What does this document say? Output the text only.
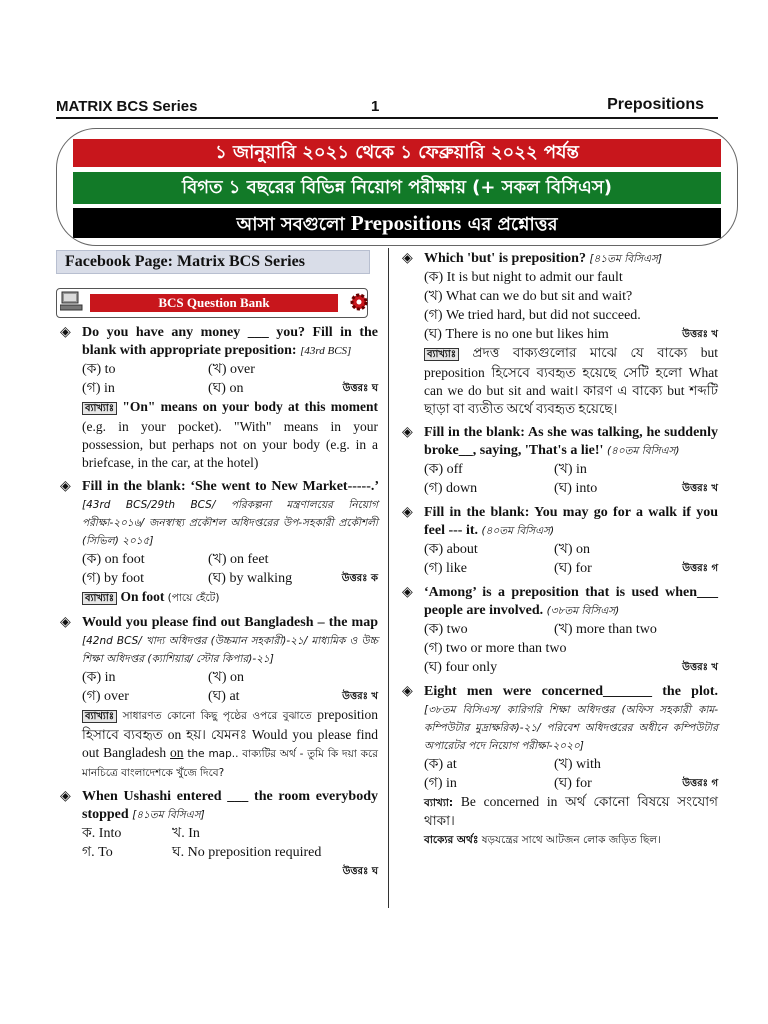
MATRIX BCS Series	1	Prepositions
১ জানুয়ারি ২০২১ থেকে ১ ফেব্রুয়ারি ২০২২ পর্যন্ত
বিগত ১ বছরের বিভিন্ন নিয়োগ পরীক্ষায় (+ সকল বিসিএস)
আসা সবগুলো Prepositions এর প্রশ্নোত্তর
Facebook Page: Matrix BCS Series
BCS Question Bank
◈ Do you have any money ___ you? Fill in the blank with appropriate preposition: [43rd BCS]
(ক) to	(খ) over
(গ) in	(ঘ) on	উত্তরঃ ঘ
ব্যাখ্যাঃ "On" means on your body at this moment (e.g. in your pocket). "With" means in your possession, but perhaps not on your body (e.g. in a briefcase, in the car, at the hotel)
◈ Fill in the blank: ‘She went to New Market-----.’ [43rd BCS/29th BCS/ পরিকল্পনা মন্ত্রণালয়ের নিয়োগ পরীক্ষা-২০১৬/ জনস্বাস্থ্য প্রকৌশল অধিদপ্তরের উপ-সহকারী প্রকৌশলী (সিভিল) ২০১৫]
(ক) on foot	(খ) on feet
(গ) by foot	(ঘ) by walking	উত্তরঃ ক
ব্যাখ্যাঃ On foot (পায়ে হেঁটে)
◈ Would you please find out Bangladesh – the map [42nd BCS/ খাদ্য অধিদপ্তর (উচ্চমান সহকারী)-২১/ মাধ্যমিক ও উচ্চ শিক্ষা অধিদপ্তর (ক্যাশিয়ার/ স্টোর কিপার)-২১]
(ক) in	(খ) on
(গ) over	(ঘ) at	উত্তরঃ খ
ব্যাখ্যাঃ সাধারণত কোনো কিছু পৃষ্ঠের ওপরে বুঝাতে preposition হিসাবে ব্যবহৃত on হয়। যেমনঃ Would you please find out Bangladesh on the map.. বাক্যটির অর্থ - তুমি কি দয়া করে মানচিত্রে বাংলাদেশকে খুঁজে দিবে?
◈ When Ushashi entered ___ the room everybody stopped [৪১তম বিসিএস]
ক. Into	খ. In
গ. To	ঘ. No preposition required
উত্তরঃ ঘ
◈ Which 'but' is preposition? [৪১তম বিসিএস]
(ক) It is but night to admit our fault
(খ) What can we do but sit and wait?
(গ) We tried hard, but did not succeed.
(ঘ) There is no one but likes him	উত্তরঃ খ
ব্যাখ্যাঃ প্রদত্ত বাক্যগুলোর মাঝে যে বাক্যে but preposition হিসেবে ব্যবহৃত হয়েছে সেটি হলো What can we do but sit and wait। কারণ এ বাক্যে but শব্দটি ছাড়া বা ব্যতীত অর্থে ব্যবহৃত হয়েছে।
◈ Fill in the blank: As she was talking, he suddenly broke__, saying, 'That's a lie!' (৪০তম বিসিএস)
(ক) off	(খ) in
(গ) down	(ঘ) into	উত্তরঃ খ
◈ Fill in the blank: You may go for a walk if you feel --- it. (৪০তম বিসিএস)
(ক) about	(খ) on
(গ) like	(ঘ) for	উত্তরঃ গ
◈ ‘Among’ is a preposition that is used when___ people are involved. (৩৮তম বিসিএস)
(ক) two	(খ) more than two
(গ) two or more than two
(ঘ) four only	উত্তরঃ খ
◈ Eight men were concerned_______ the plot. [৩৮তম বিসিএস/ কারিগরি শিক্ষা অধিদপ্তর (অফিস সহকারী কাম-কম্পিউটার মুদ্রাক্ষরিক)-২১/ পরিবেশ অধিদপ্তরের অধীনে কম্পিউটার অপারেটর পদে নিয়োগ পরীক্ষা-২০২০]
(ক) at	(খ) with
(গ) in	(ঘ) for	উত্তরঃ গ
ব্যাখ্যা: Be concerned in অর্থ কোনো বিষয়ে সংযোগ থাকা।
বাক্যের অর্থঃ ষড়যন্ত্রের সাথে আটজন লোক জড়িত ছিল।
